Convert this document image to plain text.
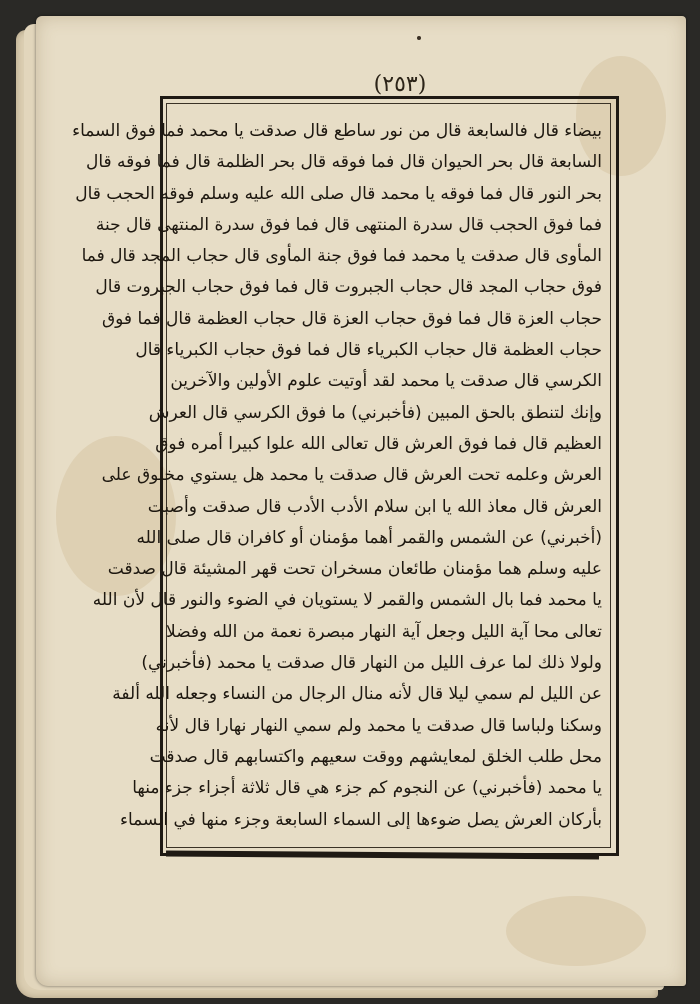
(٢٥٣)
بيضاء قال فالسابعة قال من نور ساطع قال صدقت يا محمد فما فوق السماء
السابعة قال بحر الحيوان قال فما فوقه قال بحر الظلمة قال فما فوقه قال
بحر النور قال فما فوقه يا محمد قال صلى الله عليه وسلم فوقه الحجب قال
فما فوق الحجب قال سدرة المنتهى قال فما فوق سدرة المنتهى قال جنة
المأوى قال صدقت يا محمد فما فوق جنة المأوى قال حجاب المجد قال فما
فوق حجاب المجد قال حجاب الجبروت قال فما فوق حجاب الجبروت قال
حجاب العزة قال فما فوق حجاب العزة قال حجاب العظمة قال فما فوق
حجاب العظمة قال حجاب الكبرياء قال فما فوق حجاب الكبرياء قال
الكرسي قال صدقت يا محمد لقد أوتيت علوم الأولين والآخرين
وإنك لتنطق بالحق المبين (فأخبرني) ما فوق الكرسي قال العرش
العظيم قال فما فوق العرش قال تعالى الله علوا كبيرا أمره فوق
العرش وعلمه تحت العرش قال صدقت يا محمد هل يستوي مخلوق على
العرش قال معاذ الله يا ابن سلام الأدب الأدب قال صدقت وأصبت
(أخبرني) عن الشمس والقمر أهما مؤمنان أو كافران قال صلى الله
عليه وسلم هما مؤمنان طائعان مسخران تحت قهر المشيئة قال صدقت
يا محمد فما بال الشمس والقمر لا يستويان في الضوء والنور قال لأن الله
تعالى محا آية الليل وجعل آية النهار مبصرة نعمة من الله وفضلا
ولولا ذلك لما عرف الليل من النهار قال صدقت يا محمد (فأخبرني)
عن الليل لم سمي ليلا قال لأنه منال الرجال من النساء وجعله الله ألفة
وسكنا ولباسا قال صدقت يا محمد ولم سمي النهار نهارا قال لأنه
محل طلب الخلق لمعايشهم ووقت سعيهم واكتسابهم قال صدقت
يا محمد (فأخبرني) عن النجوم كم جزء هي قال ثلاثة أجزاء جزء منها
بأركان العرش يصل ضوءها إلى السماء السابعة وجزء منها في السماء
